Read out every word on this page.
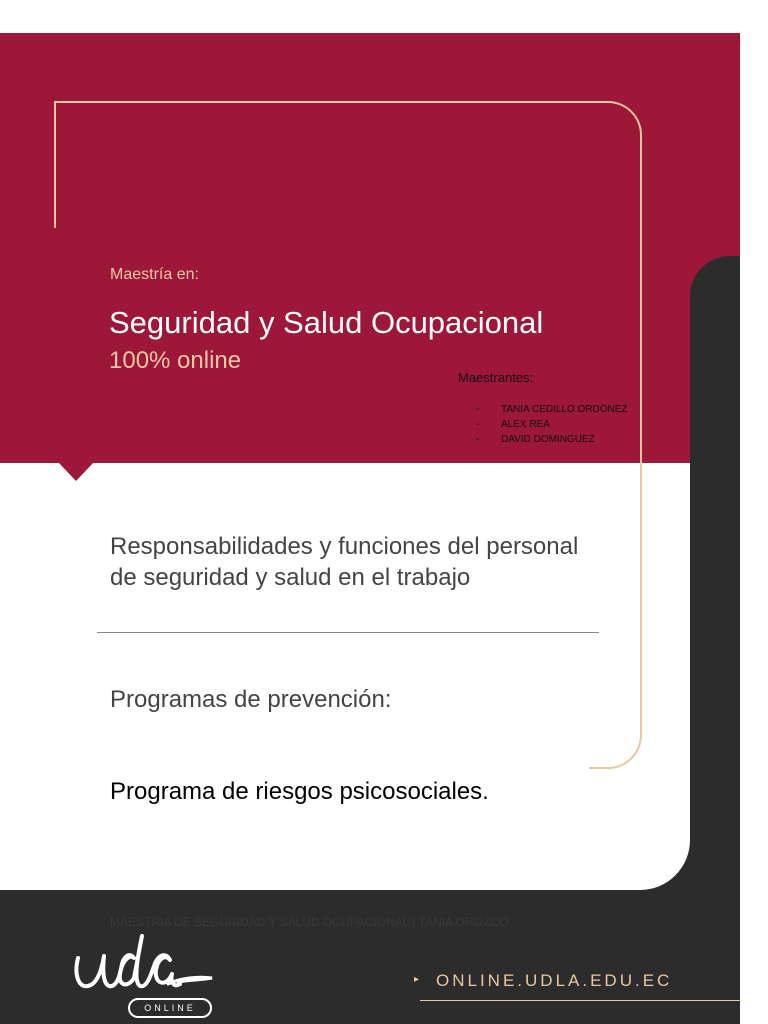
Maestría en:
Seguridad y Salud Ocupacional
100% online
Maestrantes:
- TANIA CEDILLO ORDONEZ
- ALEX REA
- DAVID DOMINGUEZ
Responsabilidades y funciones del personal de seguridad y salud en el trabajo
Programas de prevención:
Programa de riesgos psicosociales.
MAESTRIA DE SEGURIDAD Y SALUD OCUPACIONAL | TANIA OROZCO
ONLINE
▸ ONLINE.UDLA.EDU.EC
